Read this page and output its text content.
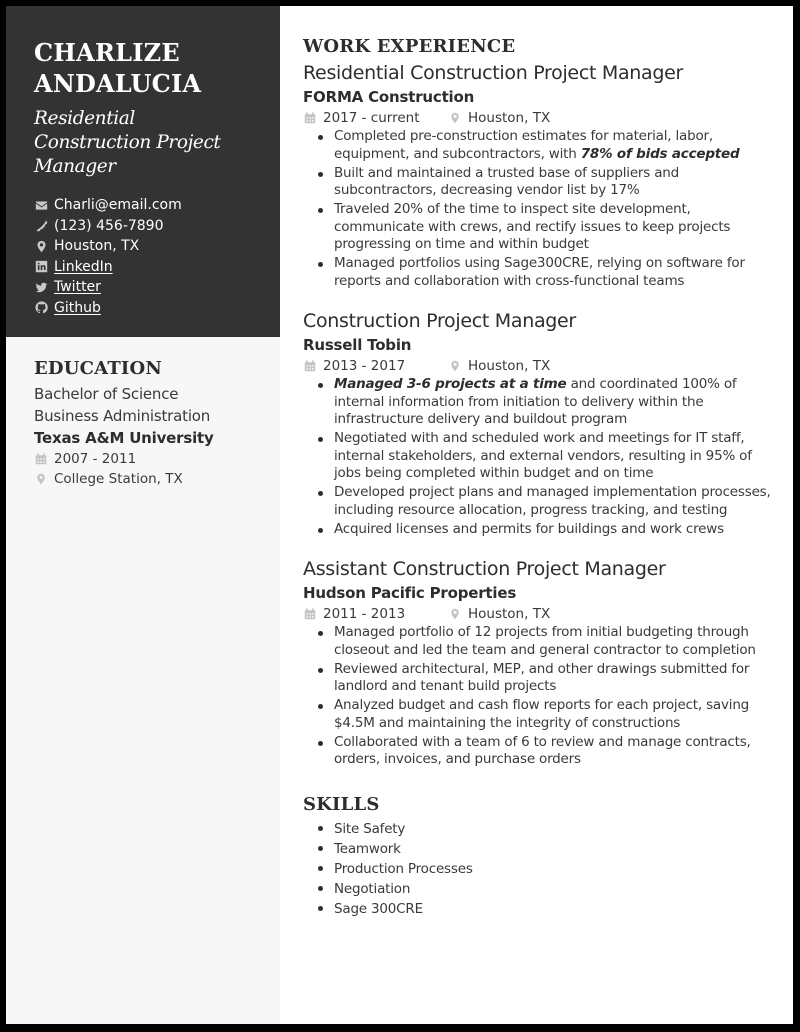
CHARLIZE
ANDALUCIA
Residential
Construction Project
Manager
Charli@email.com
(123) 456-7890
Houston, TX
LinkedIn
Twitter
Github
EDUCATION
Bachelor of Science
Business Administration
Texas A&M University
2007 - 2011
College Station, TX
WORK EXPERIENCE
Residential Construction Project Manager
FORMA Construction
2017 - current	Houston, TX
Completed pre-construction estimates for material, labor, equipment, and subcontractors, with 78% of bids accepted
Built and maintained a trusted base of suppliers and subcontractors, decreasing vendor list by 17%
Traveled 20% of the time to inspect site development, communicate with crews, and rectify issues to keep projects progressing on time and within budget
Managed portfolios using Sage300CRE, relying on software for reports and collaboration with cross-functional teams
Construction Project Manager
Russell Tobin
2013 - 2017	Houston, TX
Managed 3-6 projects at a time and coordinated 100% of internal information from initiation to delivery within the infrastructure delivery and buildout program
Negotiated with and scheduled work and meetings for IT staff, internal stakeholders, and external vendors, resulting in 95% of jobs being completed within budget and on time
Developed project plans and managed implementation processes, including resource allocation, progress tracking, and testing
Acquired licenses and permits for buildings and work crews
Assistant Construction Project Manager
Hudson Pacific Properties
2011 - 2013	Houston, TX
Managed portfolio of 12 projects from initial budgeting through closeout and led the team and general contractor to completion
Reviewed architectural, MEP, and other drawings submitted for landlord and tenant build projects
Analyzed budget and cash flow reports for each project, saving $4.5M and maintaining the integrity of constructions
Collaborated with a team of 6 to review and manage contracts, orders, invoices, and purchase orders
SKILLS
Site Safety
Teamwork
Production Processes
Negotiation
Sage 300CRE
